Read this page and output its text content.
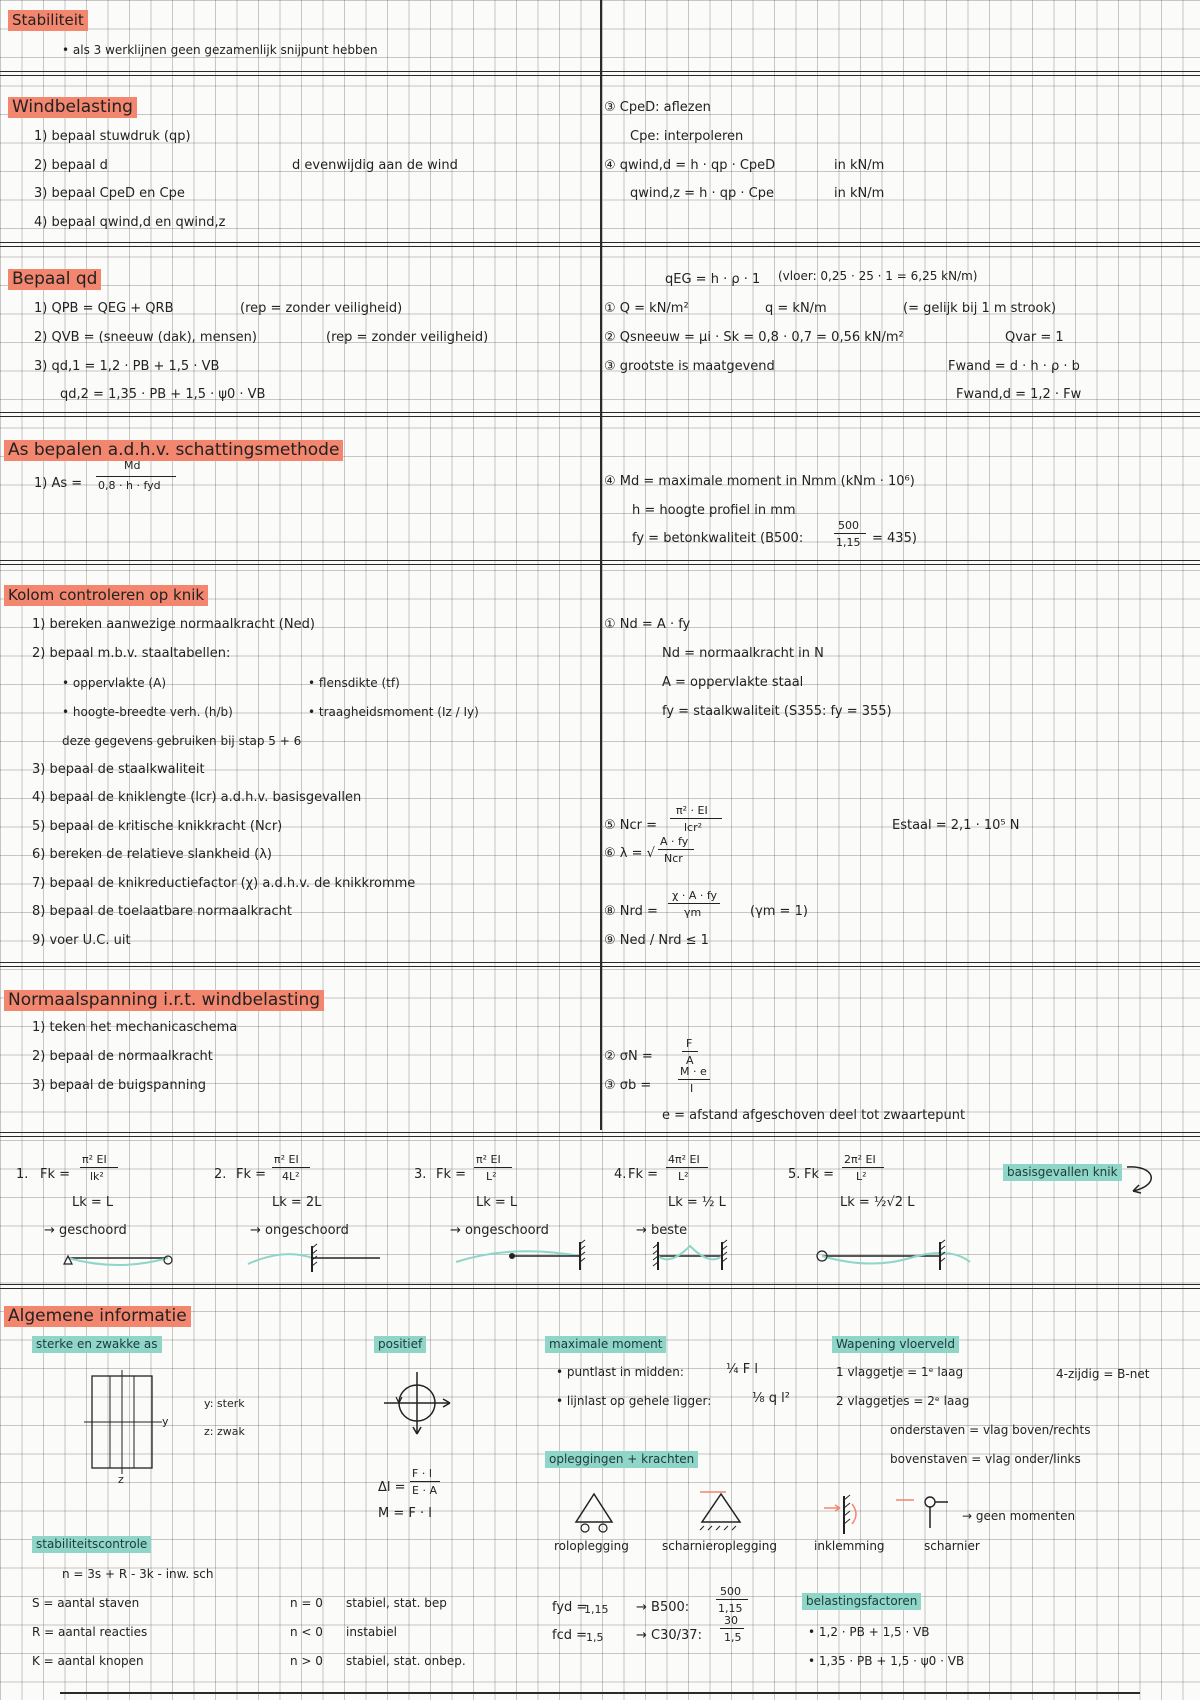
Stabiliteit
• als 3 werklijnen geen gezamenlijk snijpunt hebben
Windbelasting
1) bepaal stuwdruk (qp)
2) bepaal d
3) bepaal CpeD en Cpe
4) bepaal qwind,d en qwind,z
d evenwijdig aan de wind
③ CpeD: aflezen
Cpe: interpoleren
④ qwind,d = h · qp · CpeD
qwind,z = h · qp · Cpe
in kN/m
in kN/m
Bepaal qd
1) QPB = QEG + QRB
2) QVB = (sneeuw (dak), mensen)
3) qd,1 = 1,2 · PB + 1,5 · VB
qd,2 = 1,35 · PB + 1,5 · ψ0 · VB
(rep = zonder veiligheid)
(rep = zonder veiligheid)
qEG = h · ρ · 1 (vloer: 0,25 · 25 · 1 = 6,25 kN/m)
① Q = kN/m²	q = kN/m	(= gelijk bij 1 m strook)
② Qsneeuw = μi · Sk = 0,8 · 0,7 = 0,56 kN/m²	Qvar = 1
③ grootste is maatgevend	Fwand = d · h · ρ · b
Fwand,d = 1,2 · Fw
As bepalen a.d.h.v. schattingsmethode
1) As =
Md
0,8 · h · fyd	④ Md = maximale moment in Nmm (kNm · 10⁶)
h = hoogte profiel in mm
fy = betonkwaliteit (B500:
500
1,15 = 435)
Kolom controleren op knik
1) bereken aanwezige normaalkracht (Ned)
2) bepaal m.b.v. staaltabellen:
• oppervlakte (A)	• flensdikte (tf)
• hoogte-breedte verh. (h/b)	• traagheidsmoment (Iz / Iy)
deze gegevens gebruiken bij stap 5 + 6
3) bepaal de staalkwaliteit
4) bepaal de kniklengte (lcr) a.d.h.v. basisgevallen
5) bepaal de kritische knikkracht (Ncr)
6) bereken de relatieve slankheid (λ)
7) bepaal de knikreductiefactor (χ) a.d.h.v. de knikkromme
8) bepaal de toelaatbare normaalkracht
9) voer U.C. uit
① Nd = A · fy
Nd = normaalkracht in N
A = oppervlakte staal
fy = staalkwaliteit (S355: fy = 355)
⑤ Ncr =
π² · EI
lcr²	Estaal = 2,1 · 10⁵ N
⑥ λ = √
A · fy
Ncr
⑧ Nrd =
χ · A · fy
γm	(γm = 1)
⑨ Ned / Nrd ≤ 1
Normaalspanning i.r.t. windbelasting
1) teken het mechanicaschema
2) bepaal de normaalkracht
3) bepaal de buigspanning
② σN =
F
A
③ σb =
M · e
I
e = afstand afgeschoven deel tot zwaartepunt
basisgevallen knik
1. Fk =
π² EI
lk²
Lk = L
→ geschoord
2. Fk =
π² EI
4L²
Lk = 2L
→ ongeschoord
3. Fk =
π² EI
L²
Lk = L
→ ongeschoord
4. Fk =
4π² EI
L²
Lk = ½ L
→ beste
5. Fk =
2π² EI
L²
Lk = ½√2 L
Algemene informatie
sterke en zwakke as
y
z
y: sterk
z: zwak
positief
Δl =
F · l
E · A
M = F · l
maximale moment
• puntlast in midden:	¼ F l
• lijnlast op gehele ligger:	⅛ q l²
Wapening vloerveld
1 vlaggetje = 1ᵉ laag
2 vlaggetjes = 2ᵉ laag
4-zijdig = B-net
onderstaven = vlag boven/rechts
bovenstaven = vlag onder/links
opleggingen + krachten
roloplegging	scharnieroplegging	inklemming	scharnier
→ geen momenten
stabiliteitscontrole
n = 3s + R - 3k - inw. sch
S = aantal staven	n = 0 stabiel, stat. bep
R = aantal reacties	n < 0 instabiel
K = aantal knopen	n > 0 stabiel, stat. onbep.
fyd =
1,15
fcd =
1,5
→ B500:
500
1,15
→ C30/37:
30
1,5
belastingsfactoren
• 1,2 · PB + 1,5 · VB
• 1,35 · PB + 1,5 · ψ0 · VB
